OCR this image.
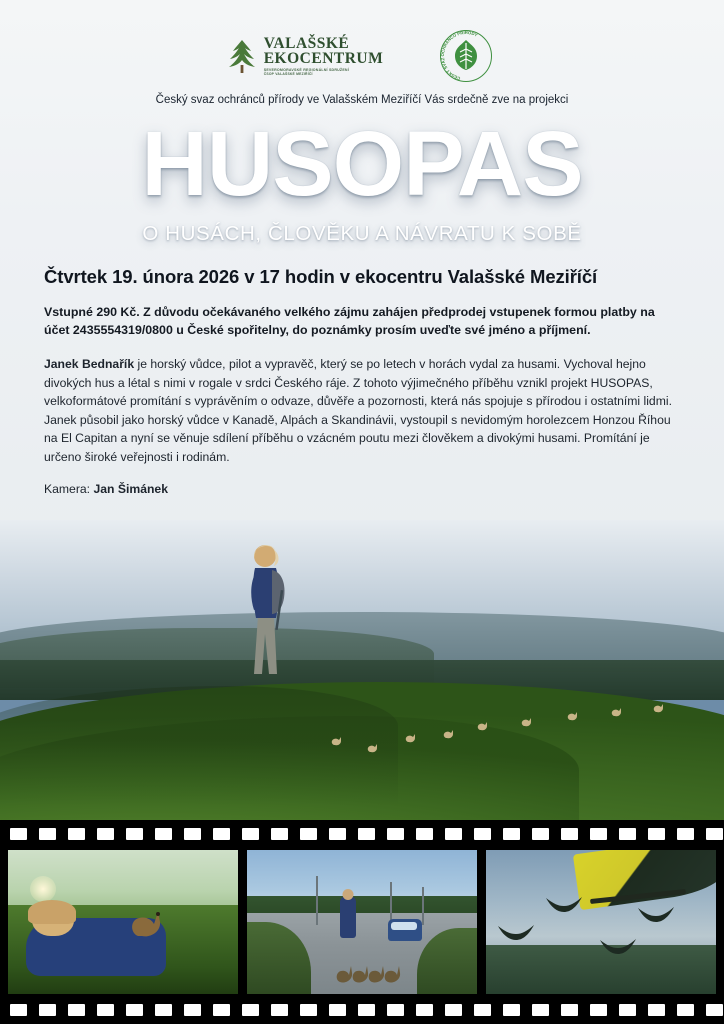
VALAŠSKÉ
EKOCENTRUM
SEVEROMORAVSKÉ REGIONÁLNÍ SDRUŽENÍ
ČSOP VALAŠSKÉ MEZIŘÍČÍ
ČESKÝ SVAZ OCHRÁNCŮ PŘÍRODY
Český svaz ochránců přírody ve Valašském Meziříčí Vás srdečně zve na projekci
HUSOPAS
O HUSÁCH, ČLOVĚKU A NÁVRATU K SOBĚ
Čtvrtek 19. února 2026 v 17 hodin v ekocentru Valašské Meziříčí
Vstupné 290 Kč. Z důvodu očekávaného velkého zájmu zahájen předprodej vstupenek formou platby na účet 2435554319/0800 u České spořitelny, do poznámky prosím uveďte své jméno a příjmení.

Janek Bednařík je horský vůdce, pilot a vypravěč, který se po letech v horách vydal za husami. Vychoval hejno divokých hus a létal s nimi v rogale v srdci Českého ráje. Z tohoto výjimečného příběhu vznikl projekt HUSOPAS, velkoformátové promítání s vyprávěním o odvaze, důvěře a pozornosti, která nás spojuje s přírodou i ostatními lidmi. Janek působil jako horský vůdce v Kanadě, Alpách a Skandinávii, vystoupil s nevidomým horolezcem Honzou Říhou na El Capitan a nyní se věnuje sdílení příběhu o vzácném poutu mezi člověkem a divokými husami. Promítání je určeno široké veřejnosti i rodinám.

Kamera: Jan Šimánek
